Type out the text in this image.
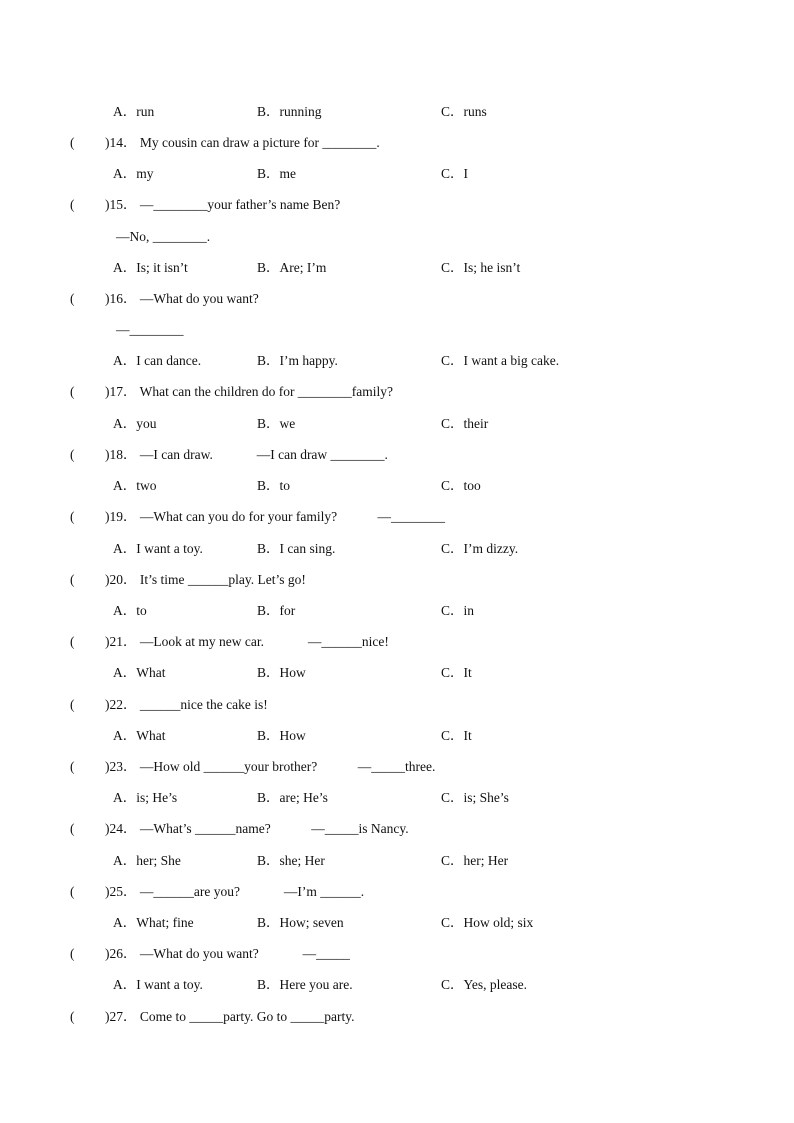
A．run	B．running	C．runs
( )14． My cousin can draw a picture for ________.
A．my	B．me	C．I
( )15． —________your father’s name Ben?
—No, ________.
A．Is; it isn’t	B．Are; I’m	C．Is; he isn’t
( )16． —What do you want?
—________
A．I can dance.	B．I’m happy.	C．I want a big cake.
( )17． What can the children do for ________family?
A．you	B．we	C．their
( )18． —I can draw.             —I can draw ________.
A．two	B．to	C．too
( )19． —What can you do for your family?            —________
A．I want a toy.	B．I can sing.	C．I’m dizzy.
( )20． It’s time ______play. Let’s go!
A．to	B．for	C．in
( )21． —Look at my new car.             —______nice!
A．What	B．How	C．It
( )22． ______nice the cake is!
A．What	B．How	C．It
( )23． —How old ______your brother?            —_____three.
A．is; He’s	B．are; He’s	C．is; She’s
( )24． —What’s ______name?            —_____is Nancy.
A．her; She	B．she; Her	C．her; Her
( )25． —______are you?             —I’m ______.
A．What; fine	B．How; seven	C．How old; six
( )26． —What do you want?             —_____
A．I want a toy.	B．Here you are.	C．Yes, please.
( )27． Come to _____party. Go to _____party.
